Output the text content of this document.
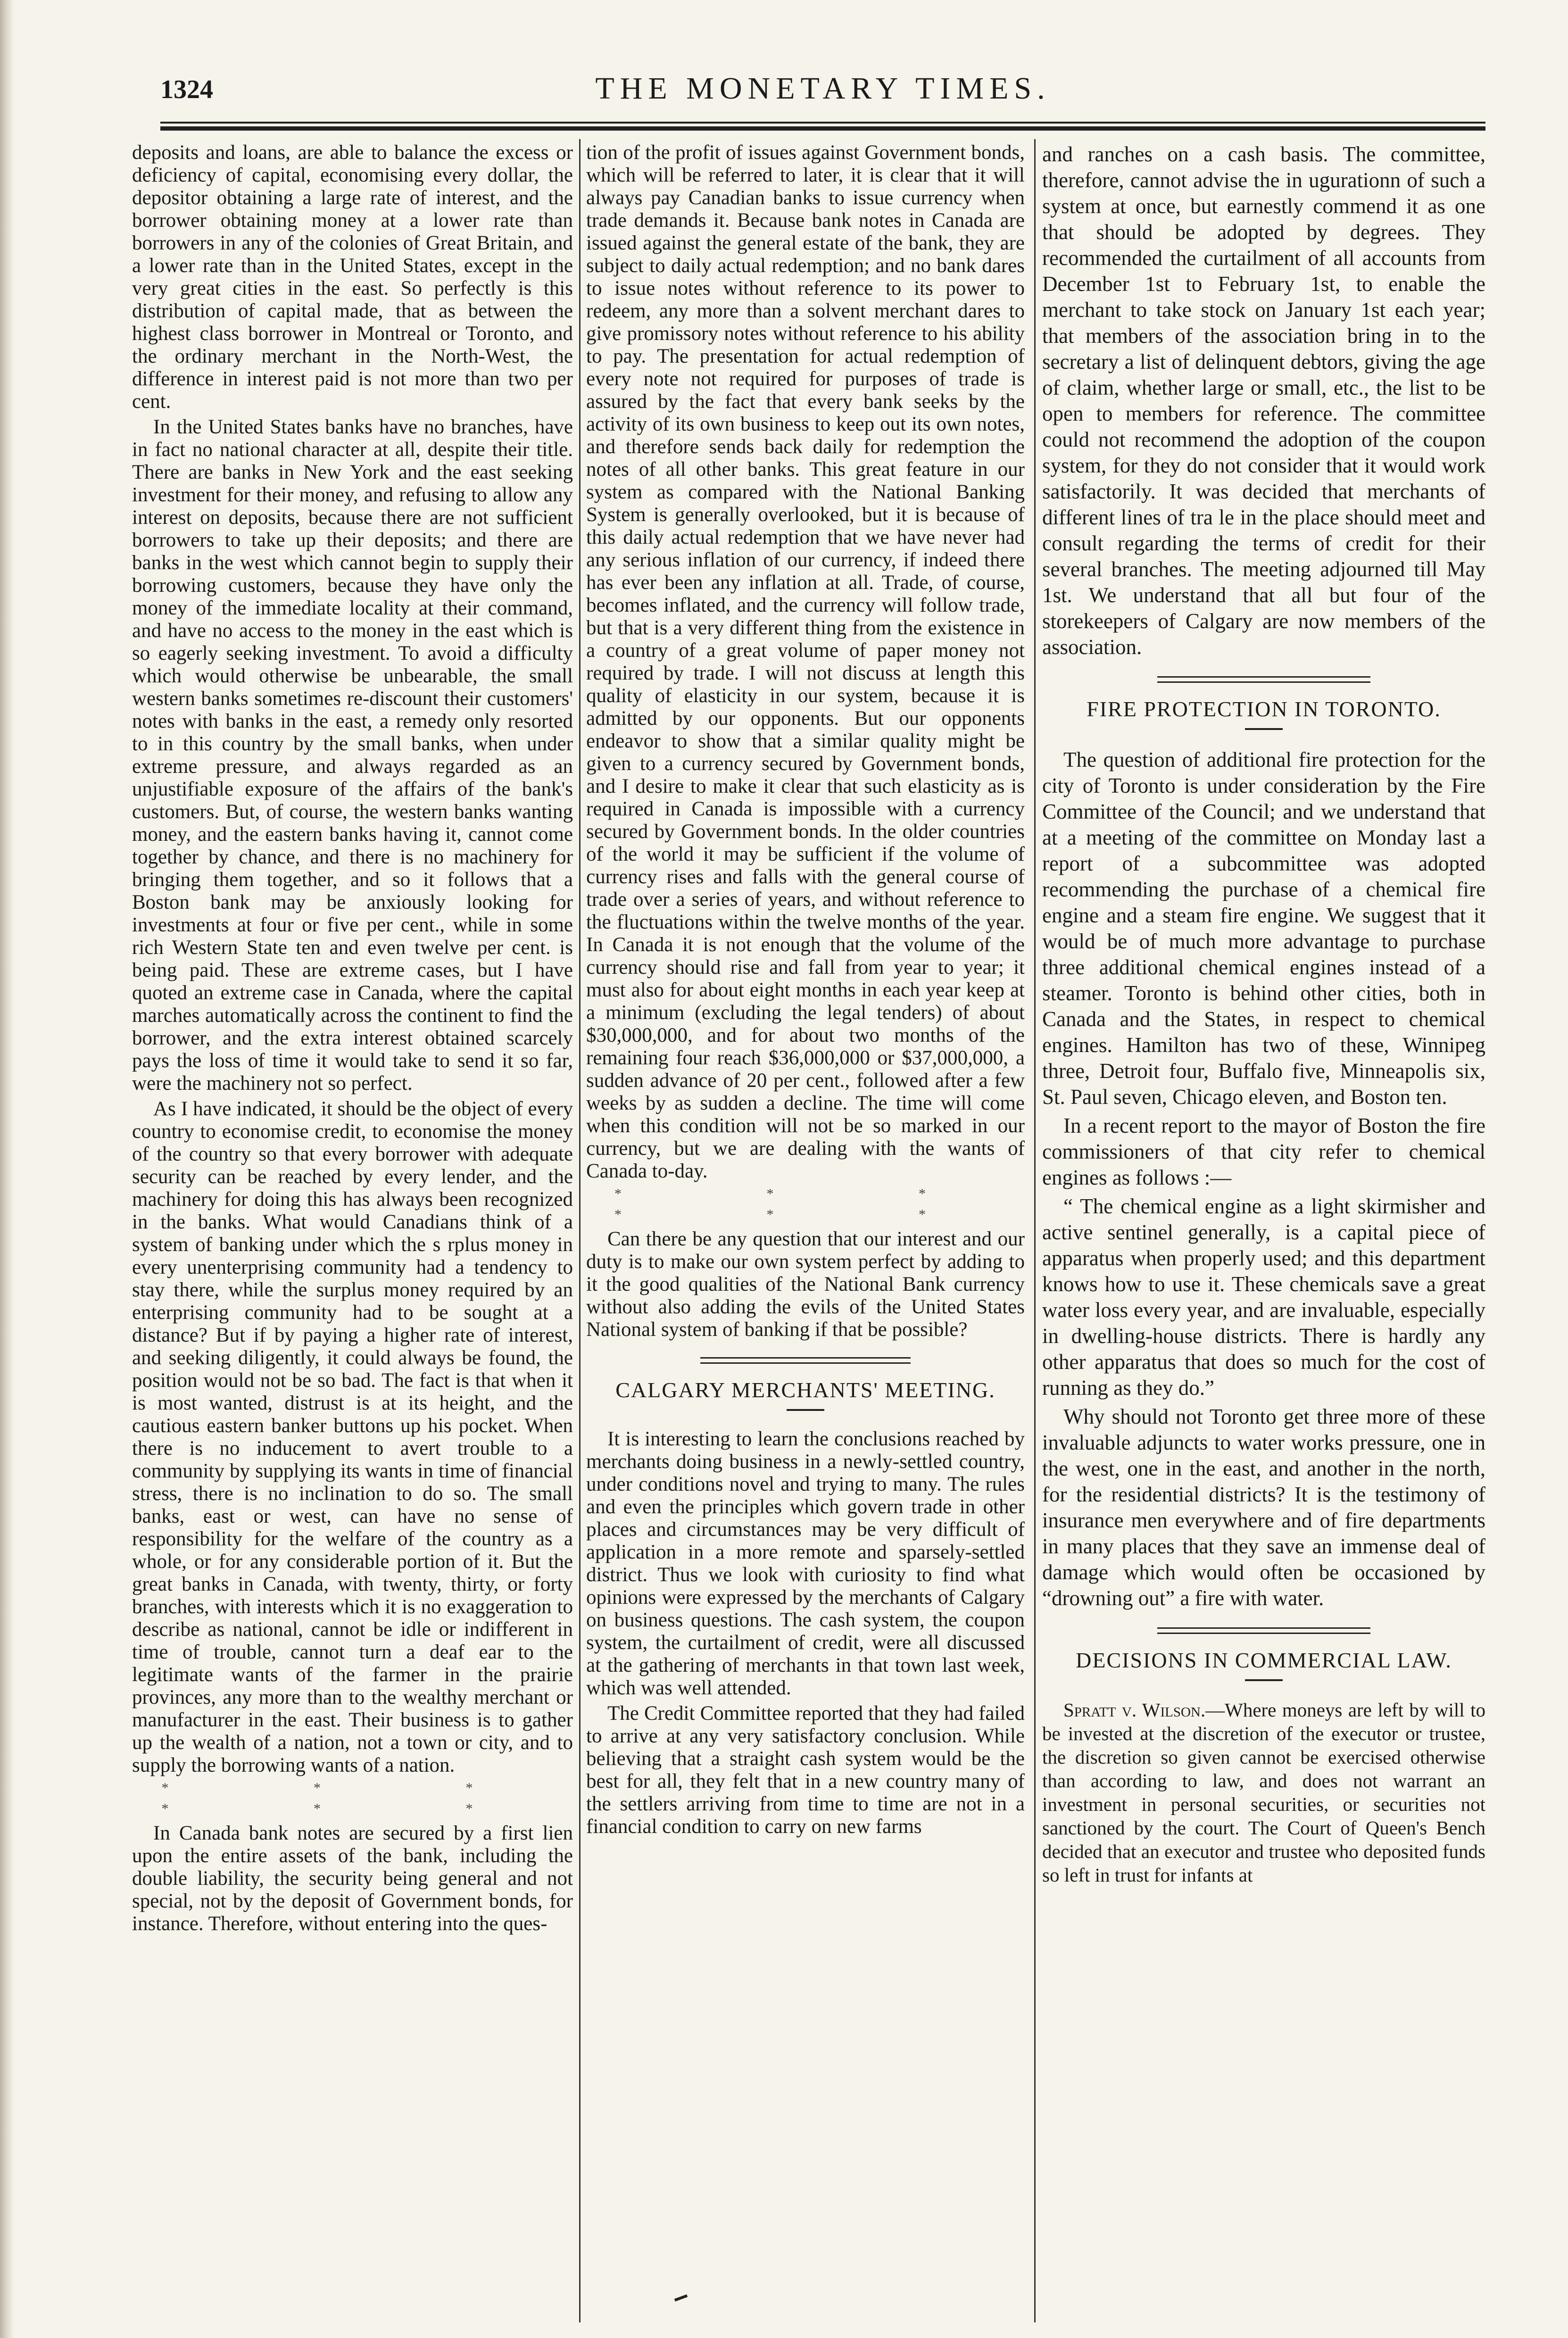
1324	THE MONETARY TIMES.

deposits and loans, are able to balance the excess or deficiency of capital, economising every dollar, the depositor obtaining a large rate of interest, and the borrower obtaining money at a lower rate than borrowers in any of the colonies of Great Britain, and a lower rate than in the United States, except in the very great cities in the east. So perfectly is this distribution of capital made, that as between the highest class borrower in Montreal or Toronto, and the ordinary merchant in the North-West, the difference in interest paid is not more than two per cent.

In the United States banks have no branches, have in fact no national character at all, despite their title. There are banks in New York and the east seeking investment for their money, and refusing to allow any interest on deposits, because there are not sufficient borrowers to take up their deposits; and there are banks in the west which cannot begin to supply their borrowing customers, because they have only the money of the immediate locality at their command, and have no access to the money in the east which is so eagerly seeking investment. To avoid a difficulty which would otherwise be unbearable, the small western banks sometimes re-discount their customers' notes with banks in the east, a remedy only resorted to in this country by the small banks, when under extreme pressure, and always regarded as an unjustifiable exposure of the affairs of the bank's customers. But, of course, the western banks wanting money, and the eastern banks having it, cannot come together by chance, and there is no machinery for bringing them together, and so it follows that a Boston bank may be anxiously looking for investments at four or five per cent., while in some rich Western State ten and even twelve per cent. is being paid. These are extreme cases, but I have quoted an extreme case in Canada, where the capital marches automatically across the continent to find the borrower, and the extra interest obtained scarcely pays the loss of time it would take to send it so far, were the machinery not so perfect.

As I have indicated, it should be the object of every country to economise credit, to economise the money of the country so that every borrower with adequate security can be reached by every lender, and the machinery for doing this has always been recognized in the banks. What would Canadians think of a system of banking under which the s rplus money in every unenterprising community had a tendency to stay there, while the surplus money required by an enterprising community had to be sought at a distance? But if by paying a higher rate of interest, and seeking diligently, it could always be found, the position would not be so bad. The fact is that when it is most wanted, distrust is at its height, and the cautious eastern banker buttons up his pocket. When there is no inducement to avert trouble to a community by supplying its wants in time of financial stress, there is no inclination to do so. The small banks, east or west, can have no sense of responsibility for the welfare of the country as a whole, or for any considerable portion of it. But the great banks in Canada, with twenty, thirty, or forty branches, with interests which it is no exaggeration to describe as national, cannot be idle or indifferent in time of trouble, cannot turn a deaf ear to the legitimate wants of the farmer in the prairie provinces, any more than to the wealthy merchant or manufacturer in the east. Their business is to gather up the wealth of a nation, not a town or city, and to supply the borrowing wants of a nation.

* * * * * *

In Canada bank notes are secured by a first lien upon the entire assets of the bank, including the double liability, the security being general and not special, not by the deposit of Government bonds, for instance. Therefore, without entering into the ques-

tion of the profit of issues against Government bonds, which will be referred to later, it is clear that it will always pay Canadian banks to issue currency when trade demands it. Because bank notes in Canada are issued against the general estate of the bank, they are subject to daily actual redemption; and no bank dares to issue notes without reference to its power to redeem, any more than a solvent merchant dares to give promissory notes without reference to his ability to pay. The presentation for actual redemption of every note not required for purposes of trade is assured by the fact that every bank seeks by the activity of its own business to keep out its own notes, and therefore sends back daily for redemption the notes of all other banks. This great feature in our system as compared with the National Banking System is generally overlooked, but it is because of this daily actual redemption that we have never had any serious inflation of our currency, if indeed there has ever been any inflation at all. Trade, of course, becomes inflated, and the currency will follow trade, but that is a very different thing from the existence in a country of a great volume of paper money not required by trade. I will not discuss at length this quality of elasticity in our system, because it is admitted by our opponents. But our opponents endeavor to show that a similar quality might be given to a currency secured by Government bonds, and I desire to make it clear that such elasticity as is required in Canada is impossible with a currency secured by Government bonds. In the older countries of the world it may be sufficient if the volume of currency rises and falls with the general course of trade over a series of years, and without reference to the fluctuations within the twelve months of the year. In Canada it is not enough that the volume of the currency should rise and fall from year to year; it must also for about eight months in each year keep at a minimum (excluding the legal tenders) of about $30,000,000, and for about two months of the remaining four reach $36,000,000 or $37,000,000, a sudden advance of 20 per cent., followed after a few weeks by as sudden a decline. The time will come when this condition will not be so marked in our currency, but we are dealing with the wants of Canada to-day.

* * * * * *

Can there be any question that our interest and our duty is to make our own system perfect by adding to it the good qualities of the National Bank currency without also adding the evils of the United States National system of banking if that be possible?

CALGARY MERCHANTS' MEETING.

It is interesting to learn the conclusions reached by merchants doing business in a newly-settled country, under conditions novel and trying to many. The rules and even the principles which govern trade in other places and circumstances may be very difficult of application in a more remote and sparsely-settled district. Thus we look with curiosity to find what opinions were expressed by the merchants of Calgary on business questions. The cash system, the coupon system, the curtailment of credit, were all discussed at the gathering of merchants in that town last week, which was well attended.

The Credit Committee reported that they had failed to arrive at any very satisfactory conclusion. While believing that a straight cash system would be the best for all, they felt that in a new country many of the settlers arriving from time to time are not in a financial condition to carry on new farms

and ranches on a cash basis. The committee, therefore, cannot advise the in ugurationn of such a system at once, but earnestly commend it as one that should be adopted by degrees. They recommended the curtailment of all accounts from December 1st to February 1st, to enable the merchant to take stock on January 1st each year; that members of the association bring in to the secretary a list of delinquent debtors, giving the age of claim, whether large or small, etc., the list to be open to members for reference. The committee could not recommend the adoption of the coupon system, for they do not consider that it would work satisfactorily. It was decided that merchants of different lines of tra le in the place should meet and consult regarding the terms of credit for their several branches. The meeting adjourned till May 1st. We understand that all but four of the storekeepers of Calgary are now members of the association.

FIRE PROTECTION IN TORONTO.

The question of additional fire protection for the city of Toronto is under consideration by the Fire Committee of the Council; and we understand that at a meeting of the committee on Monday last a report of a subcommittee was adopted recommending the purchase of a chemical fire engine and a steam fire engine. We suggest that it would be of much more advantage to purchase three additional chemical engines instead of a steamer. Toronto is behind other cities, both in Canada and the States, in respect to chemical engines. Hamilton has two of these, Winnipeg three, Detroit four, Buffalo five, Minneapolis six, St. Paul seven, Chicago eleven, and Boston ten.

In a recent report to the mayor of Boston the fire commissioners of that city refer to chemical engines as follows :—

“ The chemical engine as a light skirmisher and active sentinel generally, is a capital piece of apparatus when properly used; and this department knows how to use it. These chemicals save a great water loss every year, and are invaluable, especially in dwelling-house districts. There is hardly any other apparatus that does so much for the cost of running as they do.”

Why should not Toronto get three more of these invaluable adjuncts to water works pressure, one in the west, one in the east, and another in the north, for the residential districts? It is the testimony of insurance men everywhere and of fire departments in many places that they save an immense deal of damage which would often be occasioned by “drowning out” a fire with water.

DECISIONS IN COMMERCIAL LAW.

Spratt v. Wilson.—Where moneys are left by will to be invested at the discretion of the executor or trustee, the discretion so given cannot be exercised otherwise than according to law, and does not warrant an investment in personal securities, or securities not sanctioned by the court. The Court of Queen's Bench decided that an executor and trustee who deposited funds so left in trust for infants at
